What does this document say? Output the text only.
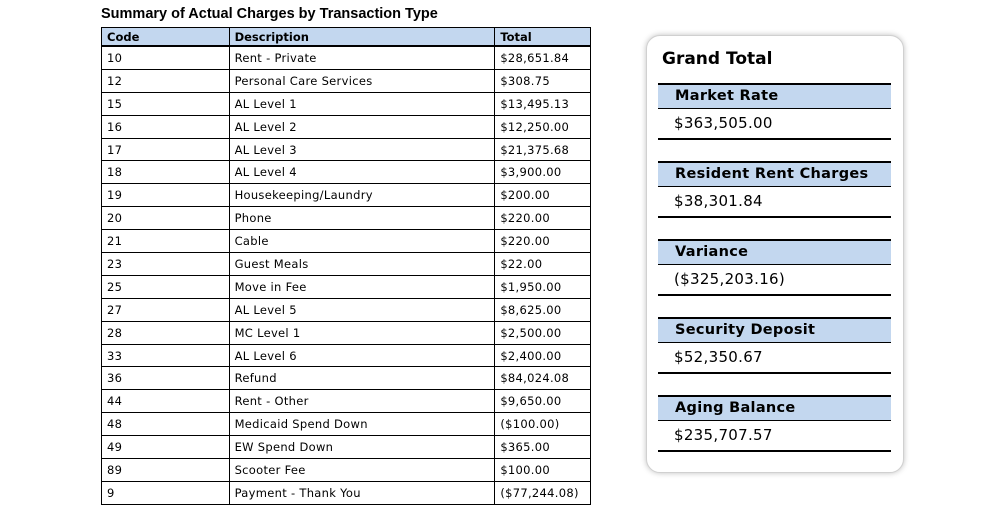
Summary of Actual Charges by Transaction Type
Code	Description	Total
10	Rent - Private	$28,651.84
12	Personal Care Services	$308.75
15	AL Level 1	$13,495.13
16	AL Level 2	$12,250.00
17	AL Level 3	$21,375.68
18	AL Level 4	$3,900.00
19	Housekeeping/Laundry	$200.00
20	Phone	$220.00
21	Cable	$220.00
23	Guest Meals	$22.00
25	Move in Fee	$1,950.00
27	AL Level 5	$8,625.00
28	MC Level 1	$2,500.00
33	AL Level 6	$2,400.00
36	Refund	$84,024.08
44	Rent - Other	$9,650.00
48	Medicaid Spend Down	($100.00)
49	EW Spend Down	$365.00
89	Scooter Fee	$100.00
9	Payment - Thank You	($77,244.08)
Grand Total
Market Rate
$363,505.00
Resident Rent Charges
$38,301.84
Variance
($325,203.16)
Security Deposit
$52,350.67
Aging Balance
$235,707.57
